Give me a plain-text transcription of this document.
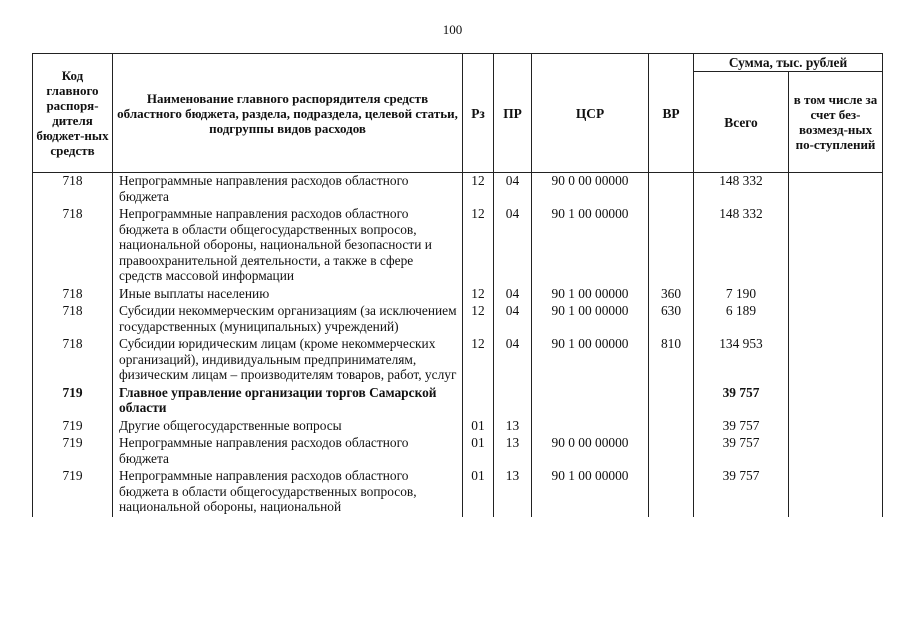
100
Код главного распоря-дителя бюджет-ных средств	Наименование главного распорядителя средств областного бюджета, раздела, подраздела, целевой статьи, подгруппы видов расходов	Рз	ПР	ЦСР	ВР	Сумма, тыс. рублей	
						Всего	в том числе за счет без-возмезд-ных по-ступлений
718	Непрограммные направления расходов областного бюджета	12	04	90 0 00 00000		148 332	
718	Непрограммные направления расходов областного бюджета в области общегосударственных вопросов, национальной обороны, национальной безопасности и правоохранительной деятельности, а также в сфере средств массовой информации	12	04	90 1 00 00000		148 332	
718	Иные выплаты населению	12	04	90 1 00 00000	360	7 190	
718	Субсидии некоммерческим организациям (за исключением государственных (муниципальных) учреждений)	12	04	90 1 00 00000	630	6 189	
718	Субсидии юридическим лицам (кроме некоммерческих организаций), индивидуальным предпринимателям, физическим лицам – производителям товаров, работ, услуг	12	04	90 1 00 00000	810	134 953	
719	Главное управление организации торгов Самарской области					39 757	
719	Другие общегосударственные вопросы	01	13			39 757	
719	Непрограммные направления расходов областного бюджета	01	13	90 0 00 00000		39 757	
719	Непрограммные направления расходов областного бюджета в области общегосударственных вопросов, национальной обороны, национальной	01	13	90 1 00 00000		39 757	
